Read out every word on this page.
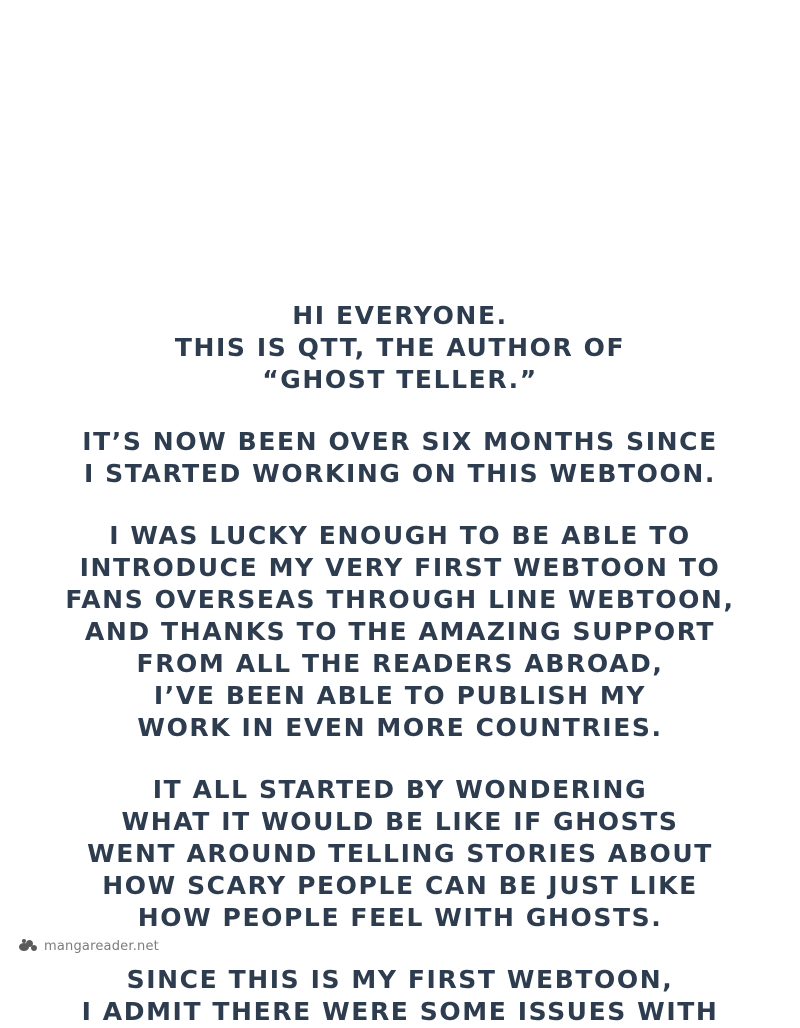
HI EVERYONE.
THIS IS QTT, THE AUTHOR OF
“GHOST TELLER.”
IT’S NOW BEEN OVER SIX MONTHS SINCE
I STARTED WORKING ON THIS WEBTOON.
I WAS LUCKY ENOUGH TO BE ABLE TO
INTRODUCE MY VERY FIRST WEBTOON TO
FANS OVERSEAS THROUGH LINE WEBTOON,
AND THANKS TO THE AMAZING SUPPORT
FROM ALL THE READERS ABROAD,
I’VE BEEN ABLE TO PUBLISH MY
WORK IN EVEN MORE COUNTRIES.
IT ALL STARTED BY WONDERING
WHAT IT WOULD BE LIKE IF GHOSTS
WENT AROUND TELLING STORIES ABOUT
HOW SCARY PEOPLE CAN BE JUST LIKE
HOW PEOPLE FEEL WITH GHOSTS.
SINCE THIS IS MY FIRST WEBTOON,
I ADMIT THERE WERE SOME ISSUES WITH
mangareader.net
